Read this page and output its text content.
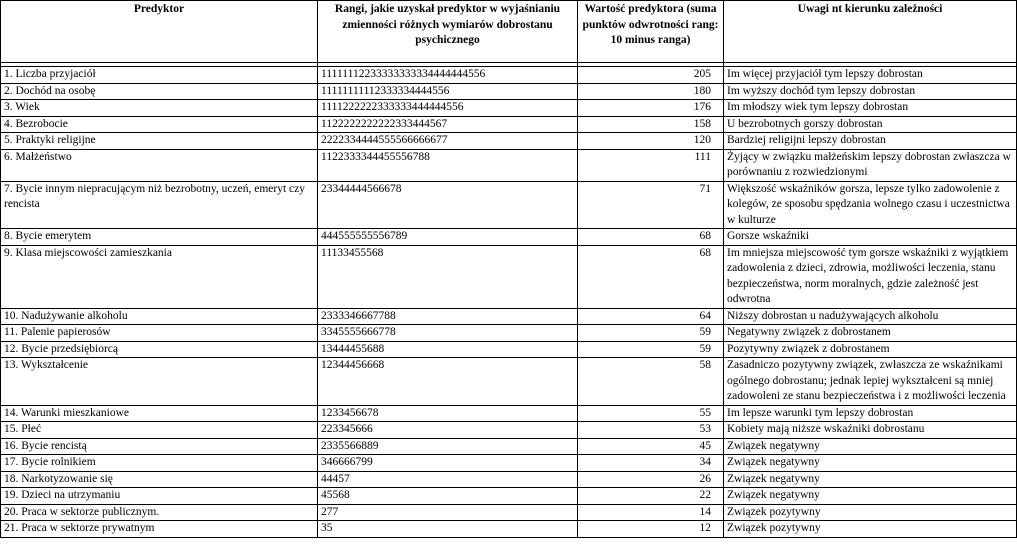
Predyktor	Rangi, jakie uzyskał predyktor w wyjaśnianiu zmienności różnych wymiarów dobrostanu psychicznego	Wartość predyktora (suma punktów odwrotności rang: 10 minus ranga)	Uwagi nt kierunku zależności

1. Liczba przyjaciół	11111112233333333334444444556	205	Im więcej przyjaciół tym lepszy dobrostan
2. Dochód na osobę	11111111112333334444556	180	Im wyższy dochód tym lepszy dobrostan
3. Wiek	1111222222333333444444556	176	Im młodszy wiek tym lepszy dobrostan
4. Bezrobocie	1122222222222333444567	158	U bezrobotnych gorszy dobrostan
5. Praktyki religijne	2222334444555566666677	120	Bardziej religijni lepszy dobrostan
6. Małżeństwo	1122333344455556788	111	Żyjący w związku małżeńskim lepszy dobrostan zwłaszcza w porównaniu z rozwiedzionymi
7. Bycie innym niepracującym niż bezrobotny, uczeń, emeryt czy rencista	23344444566678	71	Większość wskaźników gorsza, lepsze tylko zadowolenie z kolegów, ze sposobu spędzania wolnego czasu i uczestnictwa w kulturze
8. Bycie emerytem	444555555556789	68	Gorsze wskaźniki
9. Klasa miejscowości zamieszkania	11133455568	68	Im mniejsza miejscowość tym gorsze wskaźniki z wyjątkiem zadowolenia z dzieci, zdrowia, możliwości leczenia, stanu bezpieczeństwa, norm moralnych, gdzie zależność jest odwrotna
10. Nadużywanie alkoholu	2333346667788	64	Niższy dobrostan u nadużywających alkoholu
11. Palenie papierosów	3345555666778	59	Negatywny związek z dobrostanem
12. Bycie przedsiębiorcą	13444455688	59	Pozytywny związek z dobrostanem
13. Wykształcenie	12344456668	58	Zasadniczo pozytywny związek, zwłaszcza ze wskaźnikami ogólnego dobrostanu; jednak lepiej wykształceni są mniej zadowoleni ze stanu bezpieczeństwa i z możliwości leczenia
14. Warunki mieszkaniowe	1233456678	55	Im lepsze warunki tym lepszy dobrostan
15. Płeć	223345666	53	Kobiety mają niższe wskaźniki dobrostanu
16. Bycie rencistą	2335566889	45	Związek negatywny
17. Bycie rolnikiem	346666799	34	Związek negatywny
18. Narkotyzowanie się	44457	26	Związek negatywny
19. Dzieci na utrzymaniu	45568	22	Związek negatywny
20. Praca w sektorze publicznym.	277	14	Związek pozytywny
21. Praca w sektorze prywatnym	35	12	Związek pozytywny
